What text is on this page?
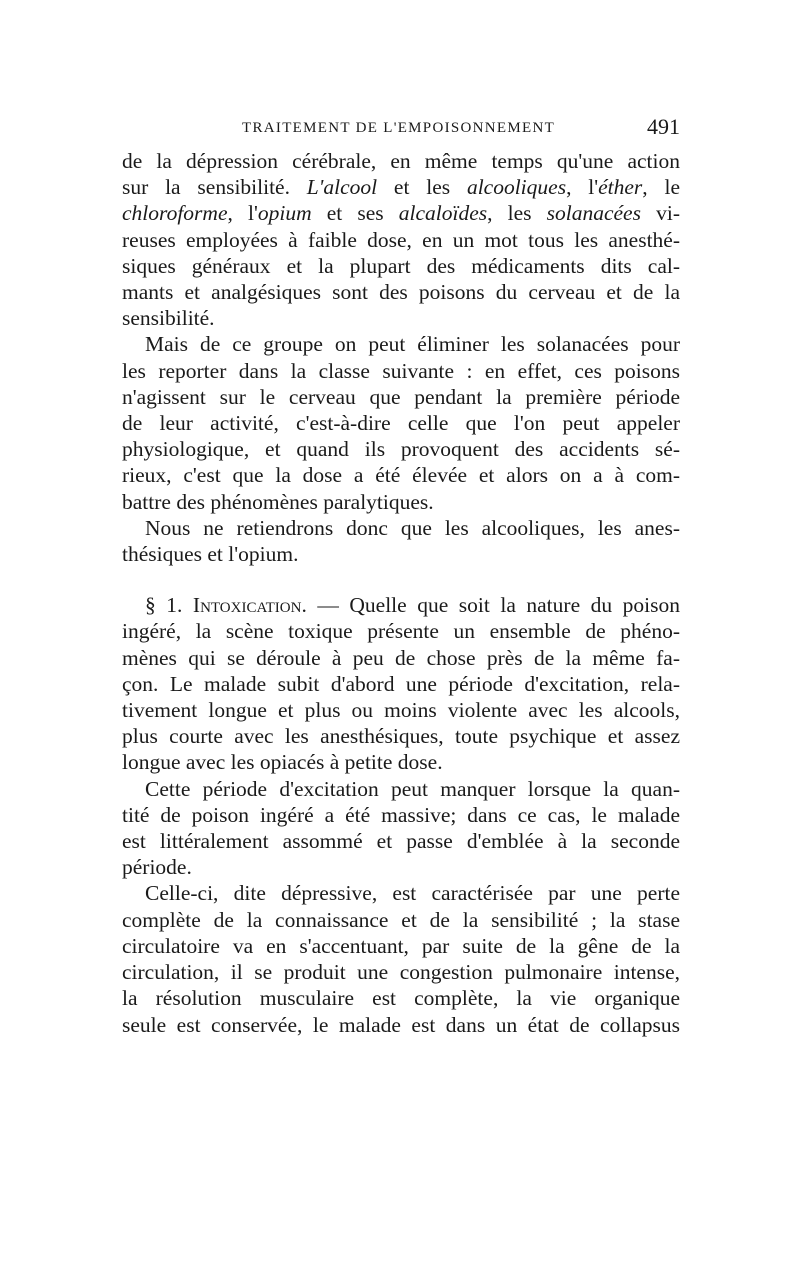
TRAITEMENT DE L'EMPOISONNEMENT	491
de la dépression cérébrale, en même temps qu'une action
sur la sensibilité. L'alcool et les alcooliques, l'éther, le
chloroforme, l'opium et ses alcaloïdes, les solanacées vi-
reuses employées à faible dose, en un mot tous les anesthé-
siques généraux et la plupart des médicaments dits cal-
mants et analgésiques sont des poisons du cerveau et de la
sensibilité.
Mais de ce groupe on peut éliminer les solanacées pour
les reporter dans la classe suivante : en effet, ces poisons
n'agissent sur le cerveau que pendant la première période
de leur activité, c'est-à-dire celle que l'on peut appeler
physiologique, et quand ils provoquent des accidents sé-
rieux, c'est que la dose a été élevée et alors on a à com-
battre des phénomènes paralytiques.
Nous ne retiendrons donc que les alcooliques, les anes-
thésiques et l'opium.
§ 1. Intoxication. — Quelle que soit la nature du poison
ingéré, la scène toxique présente un ensemble de phéno-
mènes qui se déroule à peu de chose près de la même fa-
çon. Le malade subit d'abord une période d'excitation, rela-
tivement longue et plus ou moins violente avec les alcools,
plus courte avec les anesthésiques, toute psychique et assez
longue avec les opiacés à petite dose.
Cette période d'excitation peut manquer lorsque la quan-
tité de poison ingéré a été massive; dans ce cas, le malade
est littéralement assommé et passe d'emblée à la seconde
période.
Celle-ci, dite dépressive, est caractérisée par une perte
complète de la connaissance et de la sensibilité ; la stase
circulatoire va en s'accentuant, par suite de la gêne de la
circulation, il se produit une congestion pulmonaire intense,
la résolution musculaire est complète, la vie organique
seule est conservée, le malade est dans un état de collapsus
